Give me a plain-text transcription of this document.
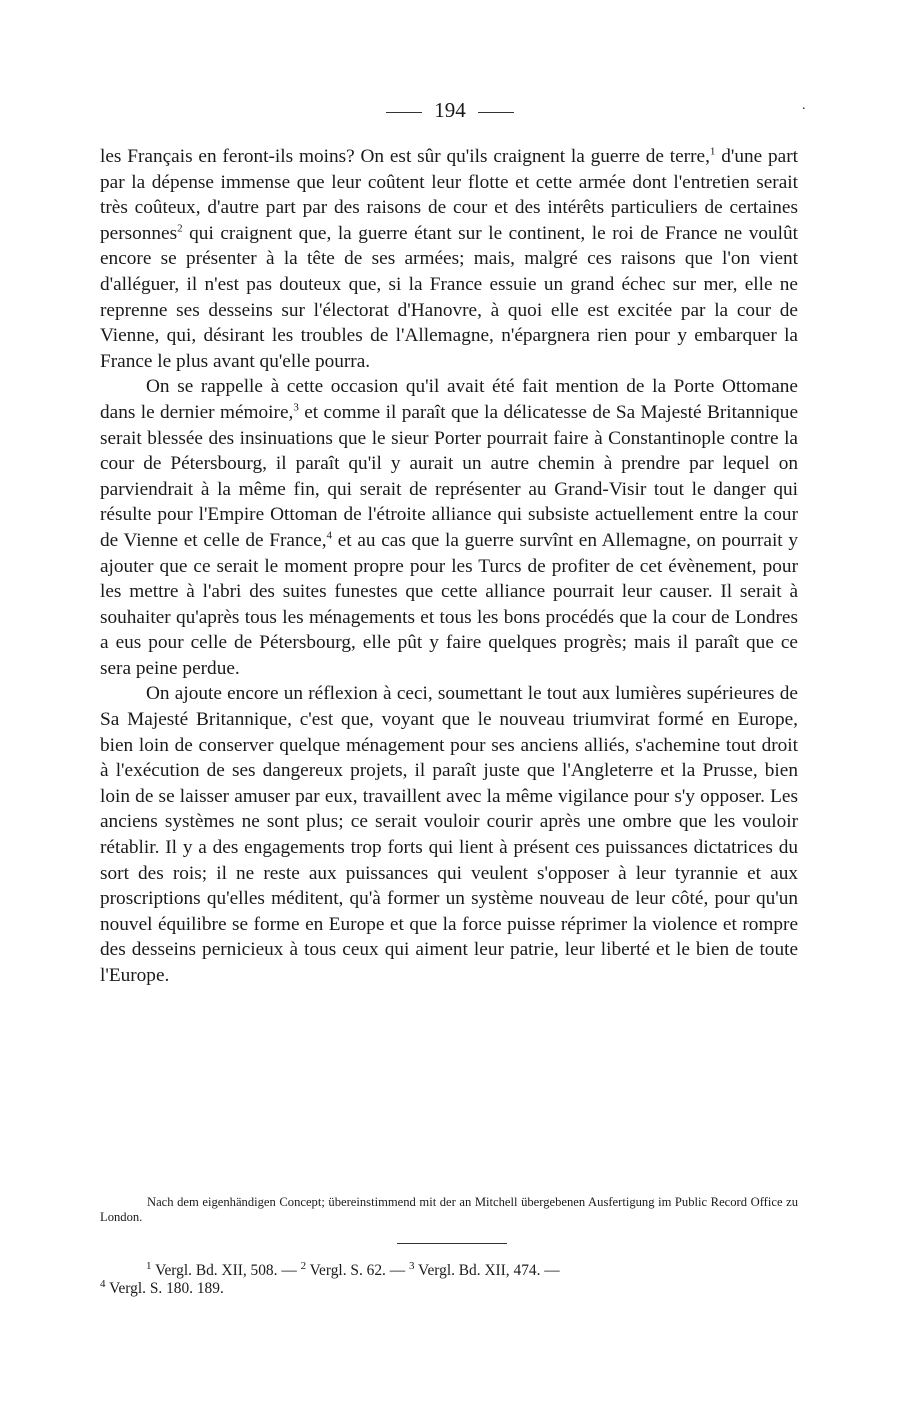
194	.

les Français en feront-ils moins? On est sûr qu'ils craignent la guerre de terre,$^1$ d'une part par la dépense immense que leur coûtent leur flotte et cette armée dont l'entretien serait très coûteux, d'autre part par des raisons de cour et des intérêts particuliers de certaines personnes$^2$ qui craignent que, la guerre étant sur le continent, le roi de France ne voulût encore se présenter à la tête de ses armées; mais, malgré ces raisons que l'on vient d'alléguer, il n'est pas douteux que, si la France essuie un grand échec sur mer, elle ne reprenne ses desseins sur l'électorat d'Hanovre, à quoi elle est excitée par la cour de Vienne, qui, désirant les troubles de l'Allemagne, n'épargnera rien pour y embarquer la France le plus avant qu'elle pourra.

On se rappelle à cette occasion qu'il avait été fait mention de la Porte Ottomane dans le dernier mémoire,$^3$ et comme il paraît que la délicatesse de Sa Majesté Britannique serait blessée des insinuations que le sieur Porter pourrait faire à Constantinople contre la cour de Pétersbourg, il paraît qu'il y aurait un autre chemin à prendre par lequel on parviendrait à la même fin, qui serait de représenter au Grand-Visir tout le danger qui résulte pour l'Empire Ottoman de l'étroite alliance qui subsiste actuellement entre la cour de Vienne et celle de France,$^4$ et au cas que la guerre survînt en Allemagne, on pourrait y ajouter que ce serait le moment propre pour les Turcs de profiter de cet évènement, pour les mettre à l'abri des suites funestes que cette alliance pourrait leur causer. Il serait à souhaiter qu'après tous les ménagements et tous les bons procédés que la cour de Londres a eus pour celle de Pétersbourg, elle pût y faire quelques progrès; mais il paraît que ce sera peine perdue.

On ajoute encore un réflexion à ceci, soumettant le tout aux lumières supérieures de Sa Majesté Britannique, c'est que, voyant que le nouveau triumvirat formé en Europe, bien loin de conserver quelque ménagement pour ses anciens alliés, s'achemine tout droit à l'exécution de ses dangereux projets, il paraît juste que l'Angleterre et la Prusse, bien loin de se laisser amuser par eux, travaillent avec la même vigilance pour s'y opposer. Les anciens systèmes ne sont plus; ce serait vouloir courir après une ombre que les vouloir rétablir. Il y a des engagements trop forts qui lient à présent ces puissances dictatrices du sort des rois; il ne reste aux puissances qui veulent s'opposer à leur tyrannie et aux proscriptions qu'elles méditent, qu'à former un système nouveau de leur côté, pour qu'un nouvel équilibre se forme en Europe et que la force puisse réprimer la violence et rompre des desseins pernicieux à tous ceux qui aiment leur patrie, leur liberté et le bien de toute l'Europe.

Nach dem eigenhändigen Concept; übereinstimmend mit der an Mitchell übergebenen Ausfertigung im Public Record Office zu London.

$^1$ Vergl. Bd. XII, 508. — $^2$ Vergl. S. 62. — $^3$ Vergl. Bd. XII, 474. —
$^4$ Vergl. S. 180. 189.
